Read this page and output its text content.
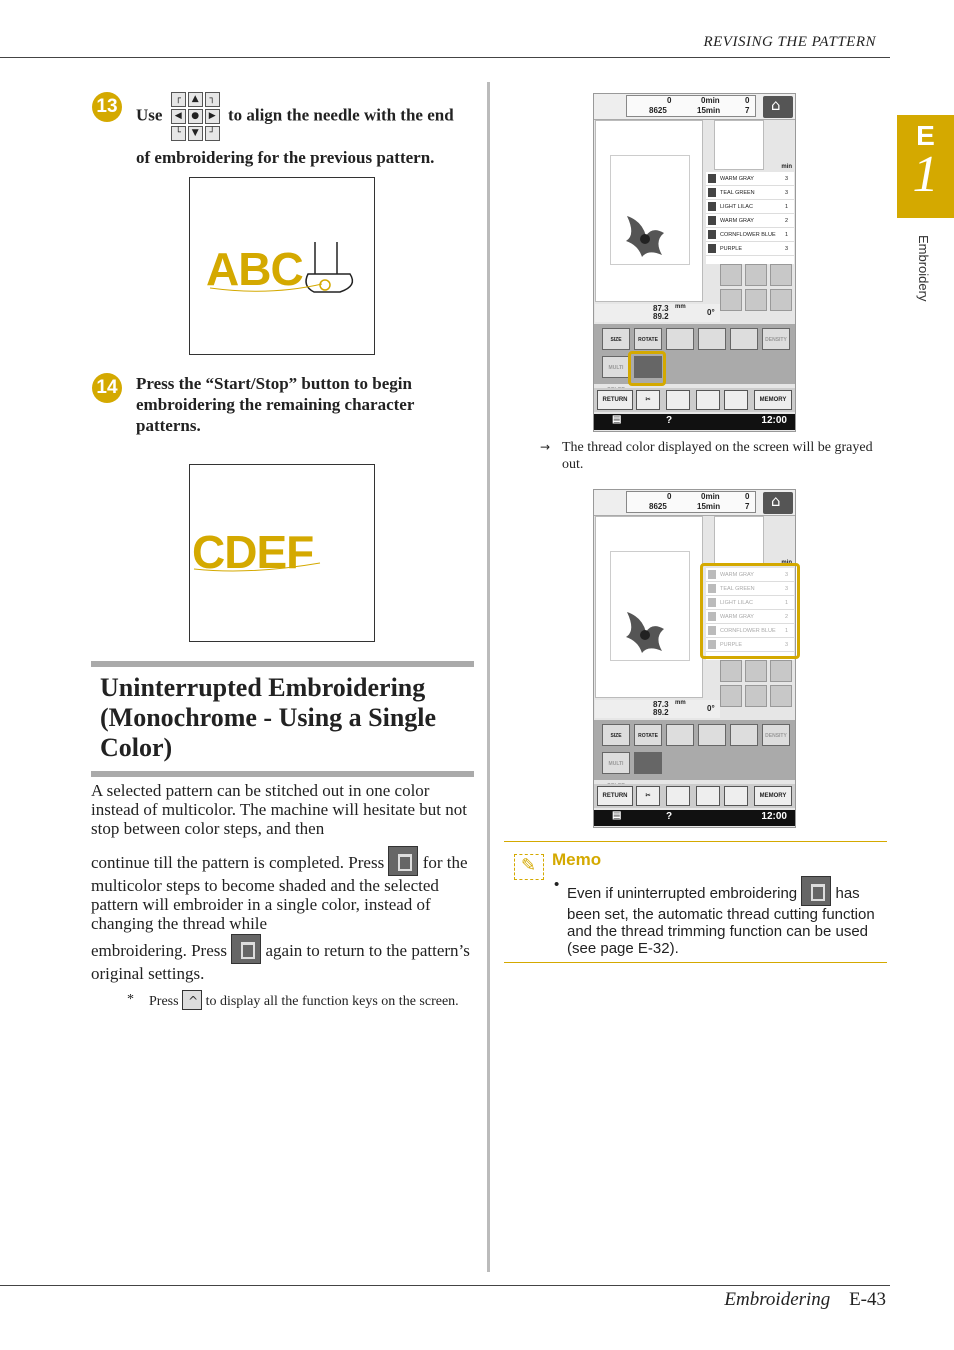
REVISING THE PATTERN
E
1
Embroidery
13 Use
┌	▲	┐
◀	●	▶
└	▼	┘
to align the needle with the end
of embroidering for the previous pattern.
ABC
14 Press the “Start/Stop” button to begin embroidering the remaining character patterns.
CDEF
Uninterrupted Embroidering (Monochrome - Using a Single Color)
A selected pattern can be stitched out in one color instead of multicolor. The machine will hesitate but not stop between color steps, and then
continue till the pattern is completed. Press for the multicolor steps to become shaded and the selected pattern will embroider in a single color, instead of changing the thread while
embroidering. Press again to return to the pattern’s original settings.
* Press ^ to display all the function keys on the screen.
0
8625
0min
15min
0
7
⌂
min
WARM GRAY	3
TEAL GREEN	3
LIGHT LILAC	1
WARM GRAY	2
CORNFLOWER BLUE 1
PURPLE	3
87.3
89.2
mm
0°
SIZE	ROTATE	DENSITY
MULTI
RETURN	✂	MEMORY
▤	?	12:00
→ The thread color displayed on the screen will be grayed out.
0
8625
0min
15min
0
7
⌂
min
WARM GRAY	3
TEAL GREEN	3
LIGHT LILAC	1
WARM GRAY	2
CORNFLOWER BLUE 1
PURPLE	3
87.3
89.2
mm
0°
SIZE	ROTATE	DENSITY
MULTI
RETURN	✂	MEMORY
▤	?	12:00
✎
Memo
•
Even if uninterrupted embroidering	has been set, the automatic thread cutting function and the thread trimming function can be used (see page E-32).
Embroidering E-43
